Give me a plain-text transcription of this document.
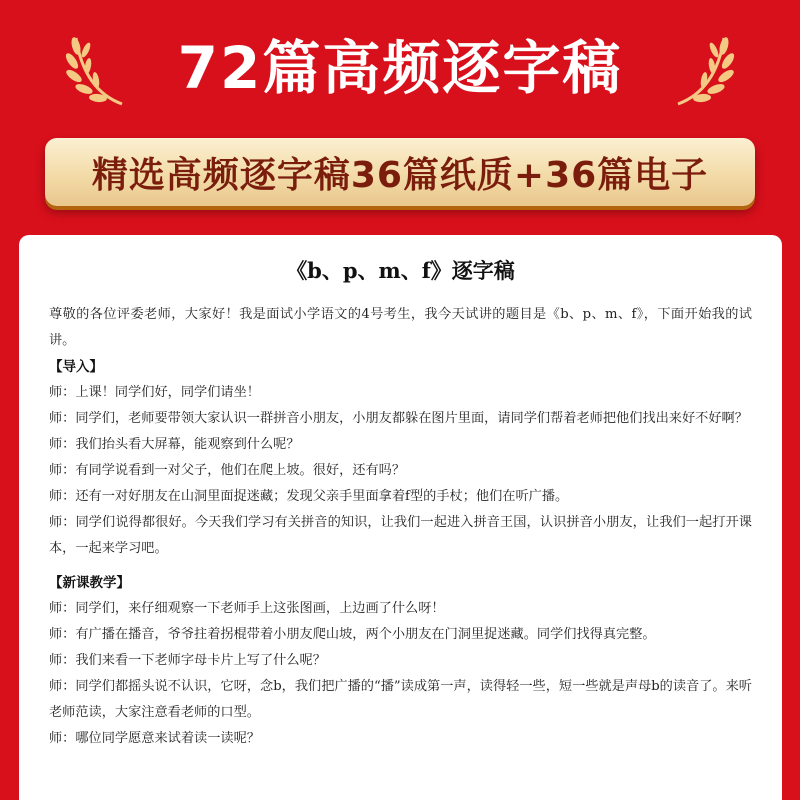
72篇高频逐字稿
精选高频逐字稿36篇纸质+36篇电子
《b、p、m、f》逐字稿
尊敬的各位评委老师，大家好！我是面试小学语文的4号考生，我今天试讲的题目是《b、p、m、f》，下面开始我的试讲。
【导入】
师：上课！同学们好，同学们请坐！
师：同学们，老师要带领大家认识一群拼音小朋友，小朋友都躲在图片里面，请同学们帮着老师把他们找出来好不好啊？
师：我们抬头看大屏幕，能观察到什么呢？
师：有同学说看到一对父子，他们在爬上坡。很好，还有吗？
师：还有一对好朋友在山洞里面捉迷藏；发现父亲手里面拿着f型的手杖；他们在听广播。
师：同学们说得都很好。今天我们学习有关拼音的知识，让我们一起进入拼音王国，认识拼音小朋友，让我们一起打开课本，一起来学习吧。
【新课教学】
师：同学们，来仔细观察一下老师手上这张图画，上边画了什么呀！
师：有广播在播音，爷爷拄着拐棍带着小朋友爬山坡，两个小朋友在门洞里捉迷藏。同学们找得真完整。
师：我们来看一下老师字母卡片上写了什么呢？
师：同学们都摇头说不认识，它呀，念b，我们把广播的“播”读成第一声，读得轻一些，短一些就是声母b的读音了。来听老师范读，大家注意看老师的口型。
师：哪位同学愿意来试着读一读呢？
